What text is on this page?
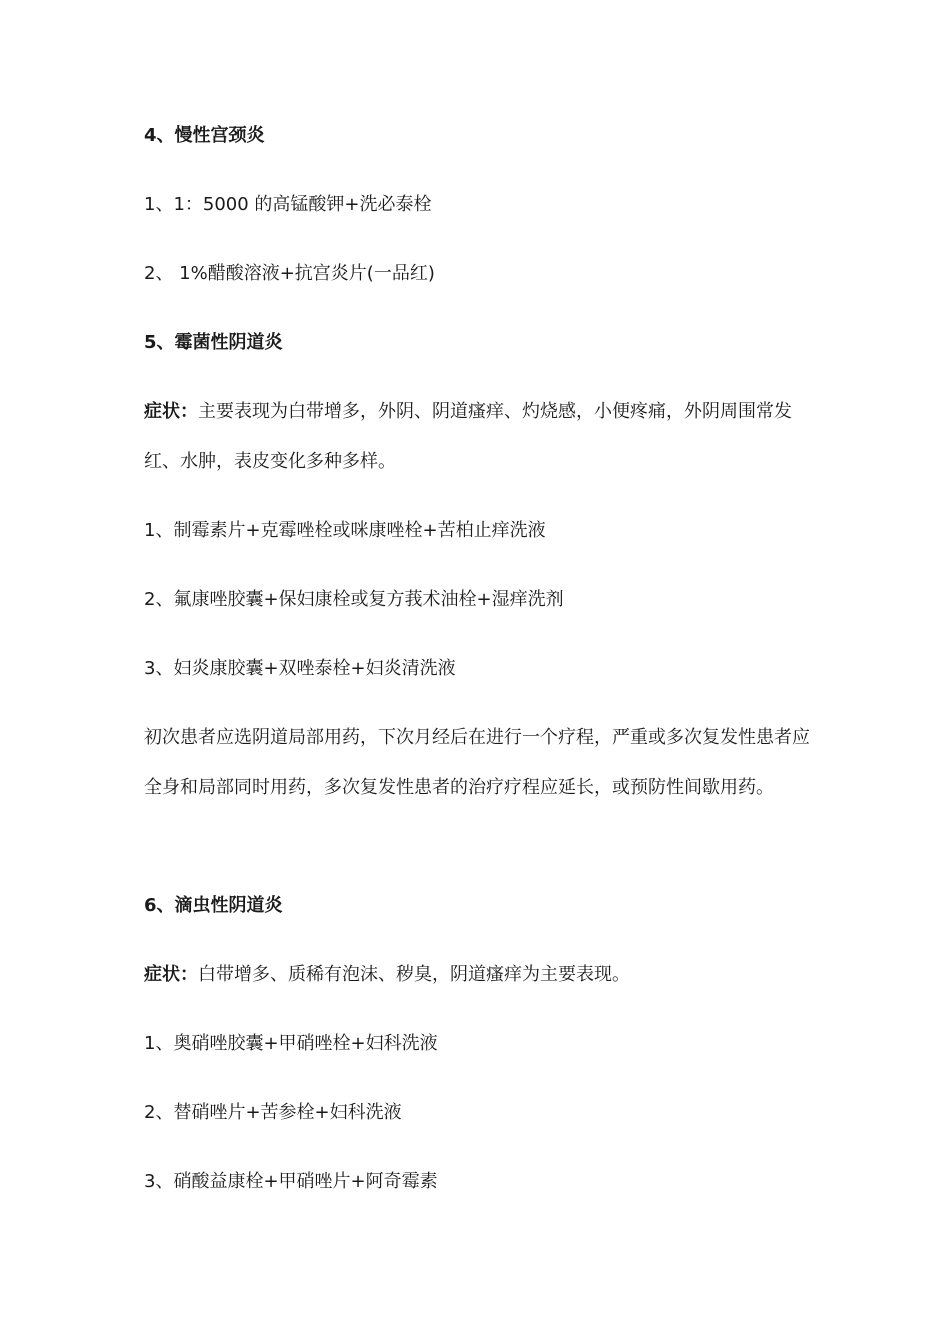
4、慢性宫颈炎
1、1：5000 的高锰酸钾+洗必泰栓
2、 1%醋酸溶液+抗宫炎片(一品红)
5、霉菌性阴道炎
症状：主要表现为白带增多，外阴、阴道瘙痒、灼烧感，小便疼痛，外阴周围常发红、水肿，表皮变化多种多样。
1、制霉素片+克霉唑栓或咪康唑栓+苦柏止痒洗液
2、氟康唑胶囊+保妇康栓或复方莪术油栓+湿痒洗剂
3、妇炎康胶囊+双唑泰栓+妇炎清洗液
初次患者应选阴道局部用药，下次月经后在进行一个疗程，严重或多次复发性患者应全身和局部同时用药，多次复发性患者的治疗疗程应延长，或预防性间歇用药。
6、滴虫性阴道炎
症状：白带增多、质稀有泡沫、秽臭，阴道瘙痒为主要表现。
1、奥硝唑胶囊+甲硝唑栓+妇科洗液
2、替硝唑片+苦参栓+妇科洗液
3、硝酸益康栓+甲硝唑片+阿奇霉素
